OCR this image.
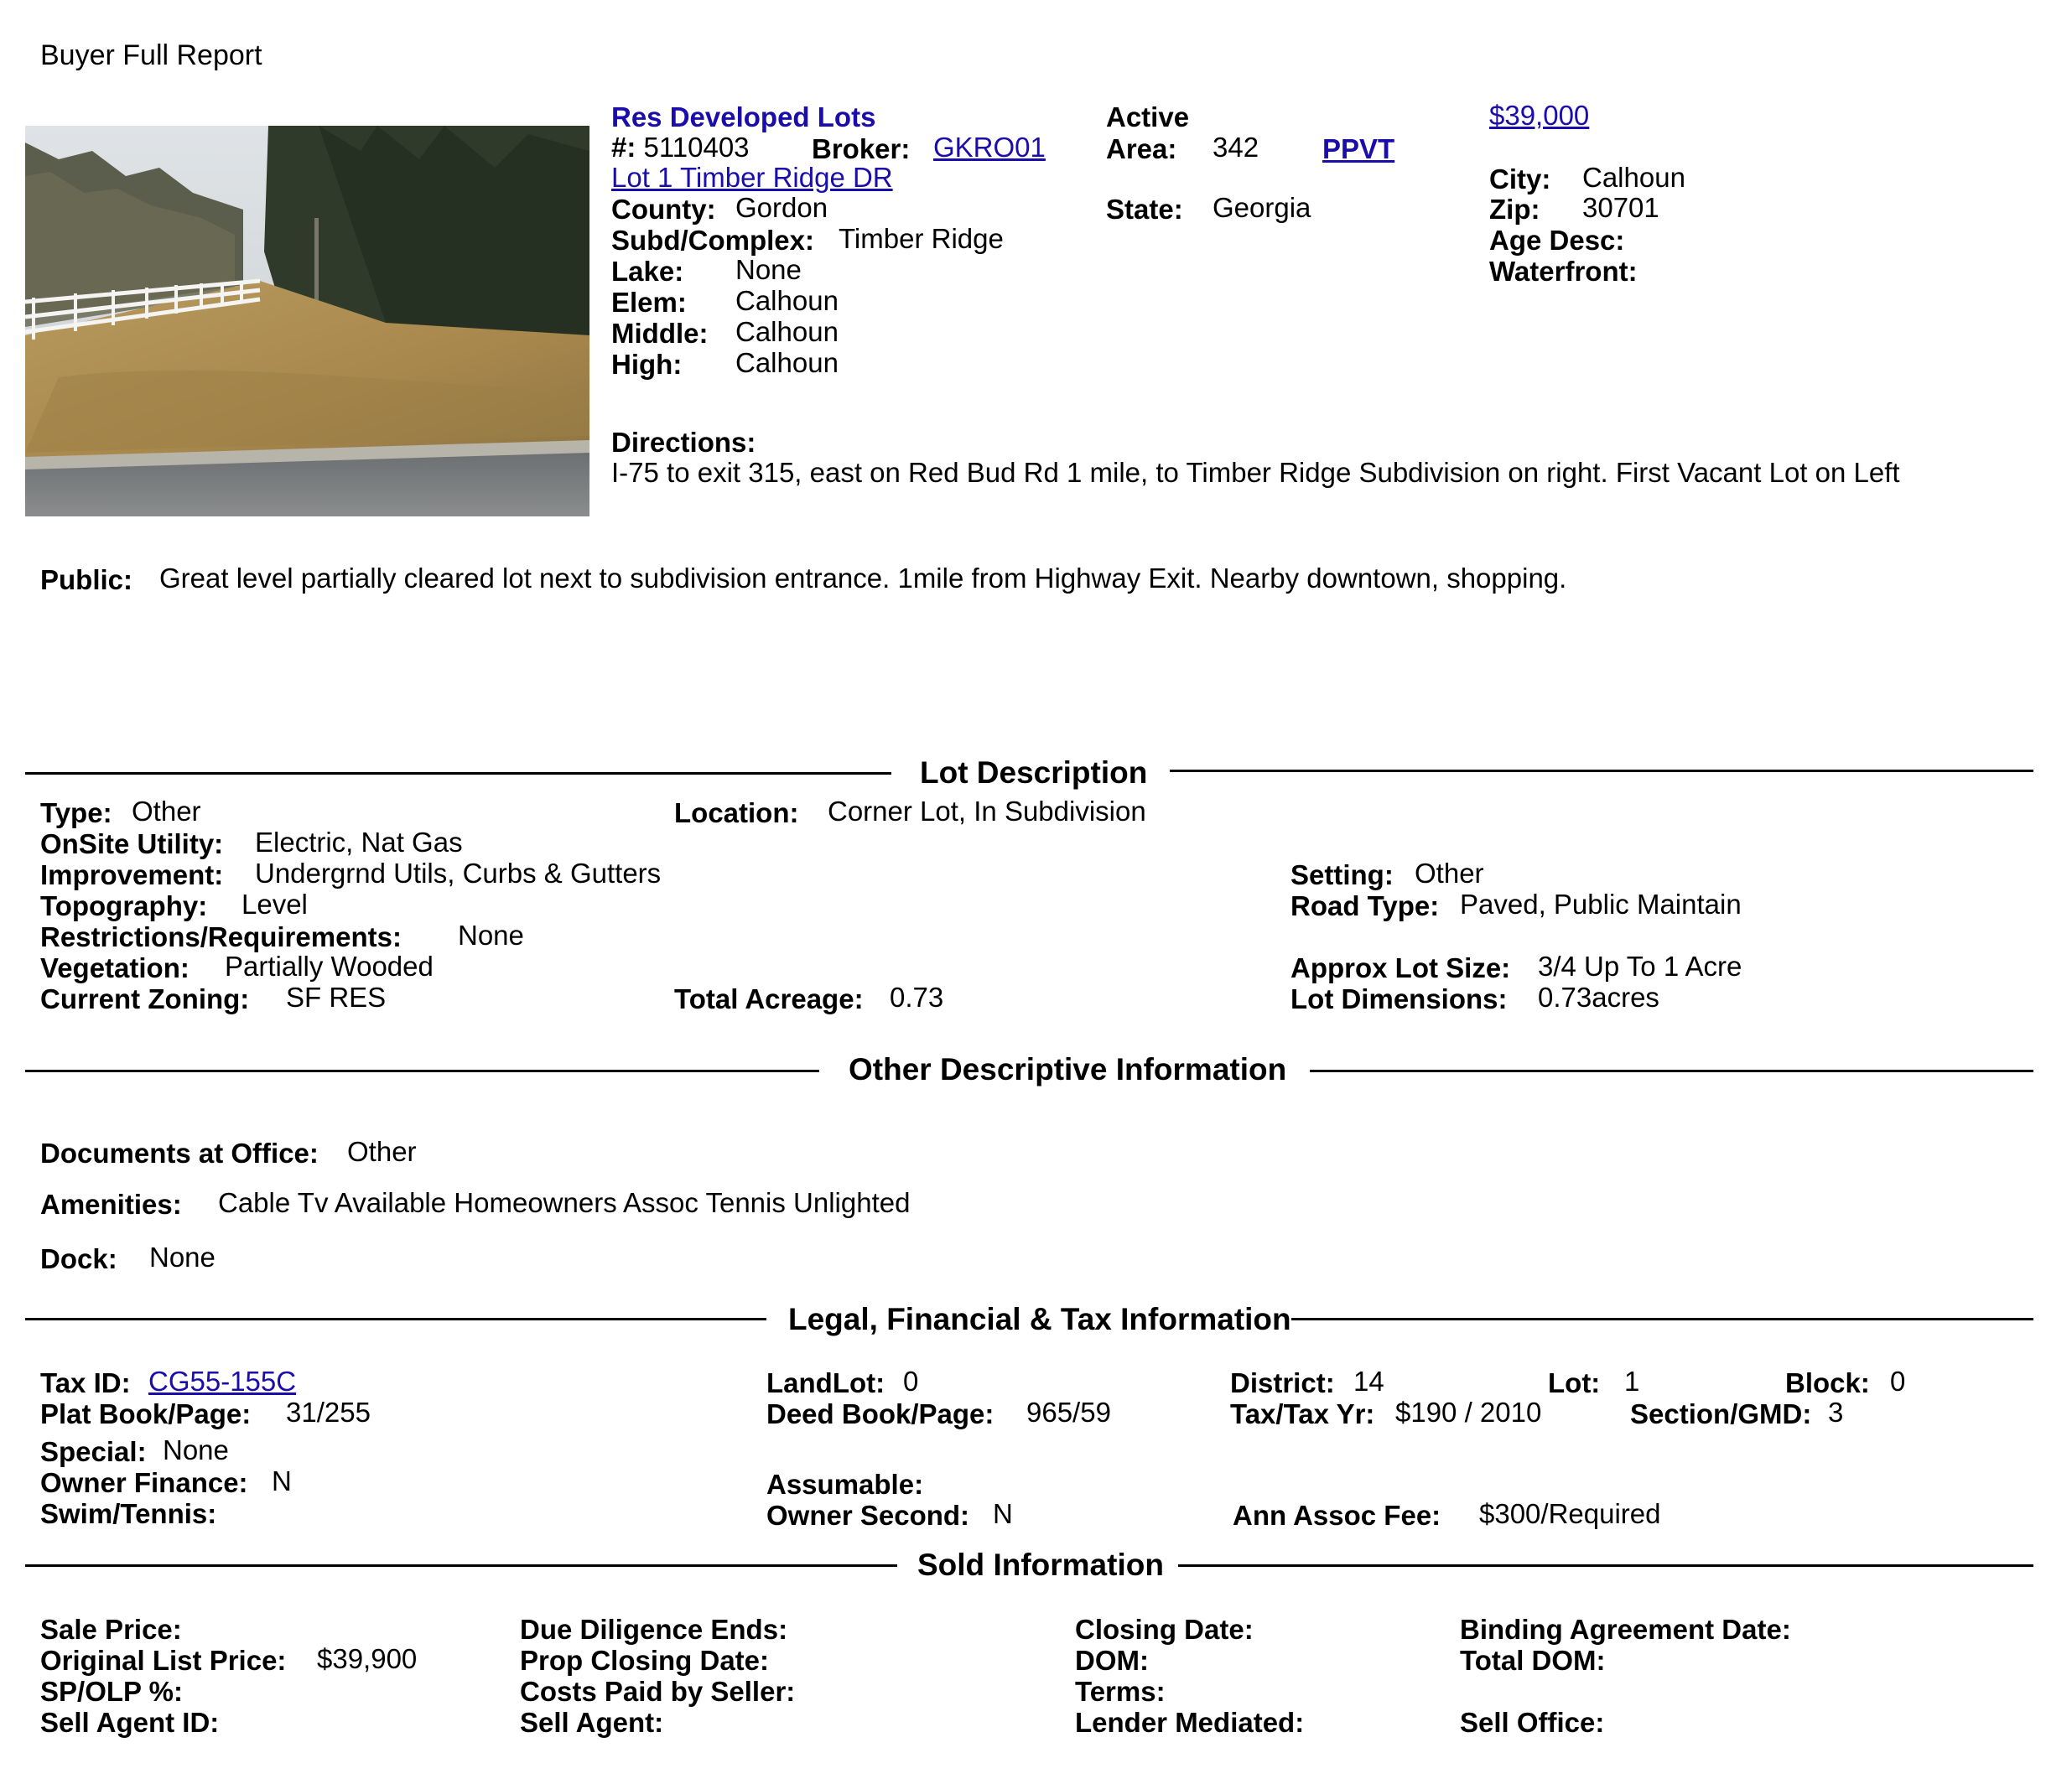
Buyer Full Report
Res Developed Lots
#: 5110403 Broker: GKRO01
Lot 1 Timber Ridge DR
County: Gordon
Subd/Complex: Timber Ridge
Lake: None
Elem: Calhoun
Middle: Calhoun
High: Calhoun
Active
Area: 342 PPVT
State: Georgia
$39,000
City: Calhoun
Zip: 30701
Age Desc:
Waterfront:
Directions:
I-75 to exit 315, east on Red Bud Rd 1 mile, to Timber Ridge Subdivision on right. First Vacant Lot on Left
Public: Great level partially cleared lot next to subdivision entrance. 1mile from Highway Exit. Nearby downtown, shopping.
Lot Description
Type: Other	Location: Corner Lot, In Subdivision
OnSite Utility: Electric, Nat Gas
Improvement: Undergrnd Utils, Curbs & Gutters	Setting: Other
Topography: Level	Road Type: Paved, Public Maintain
Restrictions/Requirements: None
Vegetation: Partially Wooded	Approx Lot Size: 3/4 Up To 1 Acre
Current Zoning: SF RES	Total Acreage: 0.73	Lot Dimensions: 0.73acres
Other Descriptive Information
Documents at Office: Other
Amenities: Cable Tv Available Homeowners Assoc Tennis Unlighted
Dock: None
Legal, Financial & Tax Information
Tax ID: CG55-155C	LandLot: 0	District: 14	Lot: 1	Block: 0
Plat Book/Page: 31/255	Deed Book/Page: 965/59	Tax/Tax Yr: $190 / 2010	Section/GMD: 3
Special: None
Owner Finance: N	Assumable:
Swim/Tennis:	Owner Second: N	Ann Assoc Fee: $300/Required
Sold Information
Sale Price:
Original List Price: $39,900
SP/OLP %:
Sell Agent ID:
Due Diligence Ends:
Prop Closing Date:
Costs Paid by Seller:
Sell Agent:
Closing Date:
DOM:
Terms:
Lender Mediated:
Binding Agreement Date:
Total DOM:
Sell Office:
